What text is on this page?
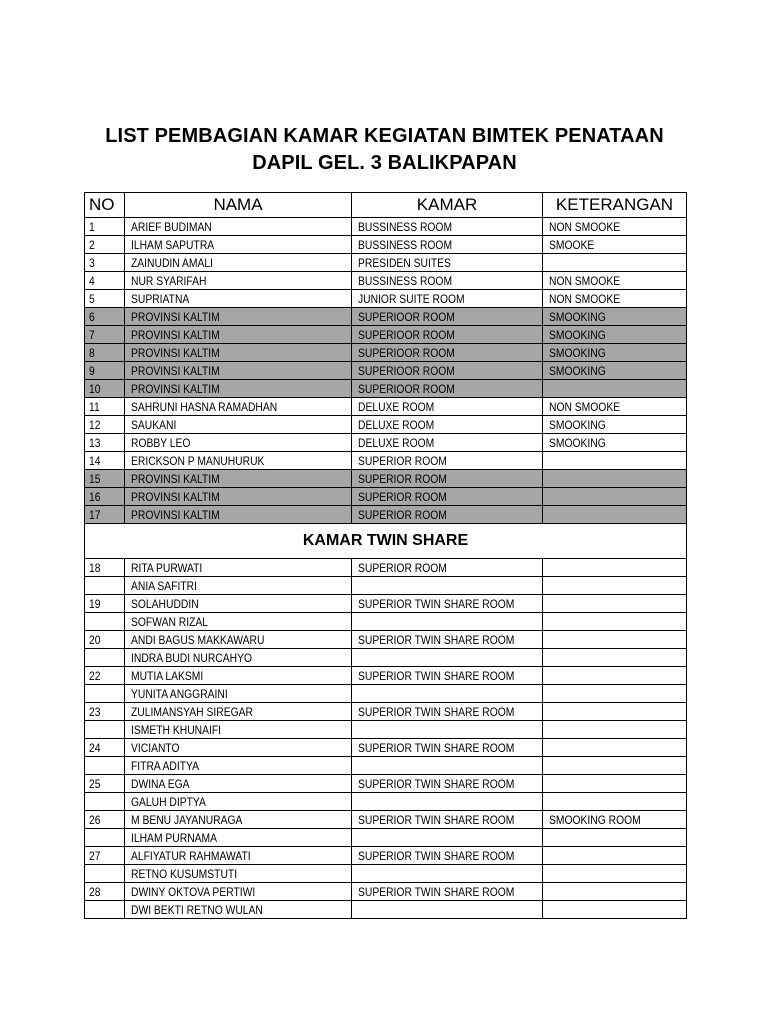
LIST PEMBAGIAN KAMAR KEGIATAN BIMTEK PENATAAN
DAPIL GEL. 3 BALIKPAPAN
NO	NAMA	KAMAR	KETERANGAN
1	ARIEF BUDIMAN	BUSSINESS ROOM	NON SMOOKE
2	ILHAM SAPUTRA	BUSSINESS ROOM	SMOOKE
3	ZAINUDIN AMALI	PRESIDEN SUITES	
4	NUR SYARIFAH	BUSSINESS ROOM	NON SMOOKE
5	SUPRIATNA	JUNIOR SUITE ROOM	NON SMOOKE
6	PROVINSI KALTIM	SUPERIOOR ROOM	SMOOKING
7	PROVINSI KALTIM	SUPERIOOR ROOM	SMOOKING
8	PROVINSI KALTIM	SUPERIOOR ROOM	SMOOKING
9	PROVINSI KALTIM	SUPERIOOR ROOM	SMOOKING
10	PROVINSI KALTIM	SUPERIOOR ROOM	
11	SAHRUNI HASNA RAMADHAN	DELUXE ROOM	NON SMOOKE
12	SAUKANI	DELUXE ROOM	SMOOKING
13	ROBBY LEO	DELUXE ROOM	SMOOKING
14	ERICKSON P MANUHURUK	SUPERIOR ROOM	
15	PROVINSI KALTIM	SUPERIOR ROOM	
16	PROVINSI KALTIM	SUPERIOR ROOM	
17	PROVINSI KALTIM	SUPERIOR ROOM	
KAMAR TWIN SHARE			
18	RITA PURWATI	SUPERIOR ROOM	
	ANIA SAFITRI		
19	SOLAHUDDIN	SUPERIOR TWIN SHARE ROOM	
	SOFWAN RIZAL		
20	ANDI BAGUS MAKKAWARU	SUPERIOR TWIN SHARE ROOM	
	INDRA BUDI NURCAHYO		
22	MUTIA LAKSMI	SUPERIOR TWIN SHARE ROOM	
	YUNITA ANGGRAINI		
23	ZULIMANSYAH SIREGAR	SUPERIOR TWIN SHARE ROOM	
	ISMETH KHUNAIFI		
24	VICIANTO	SUPERIOR TWIN SHARE ROOM	
	FITRA ADITYA		
25	DWINA EGA	SUPERIOR TWIN SHARE ROOM	
	GALUH DIPTYA		
26	M BENU JAYANURAGA	SUPERIOR TWIN SHARE ROOM	SMOOKING ROOM
	ILHAM PURNAMA		
27	ALFIYATUR RAHMAWATI	SUPERIOR TWIN SHARE ROOM	
	RETNO KUSUMSTUTI		
28	DWINY OKTOVA PERTIWI	SUPERIOR TWIN SHARE ROOM	
	DWI BEKTI RETNO WULAN		
